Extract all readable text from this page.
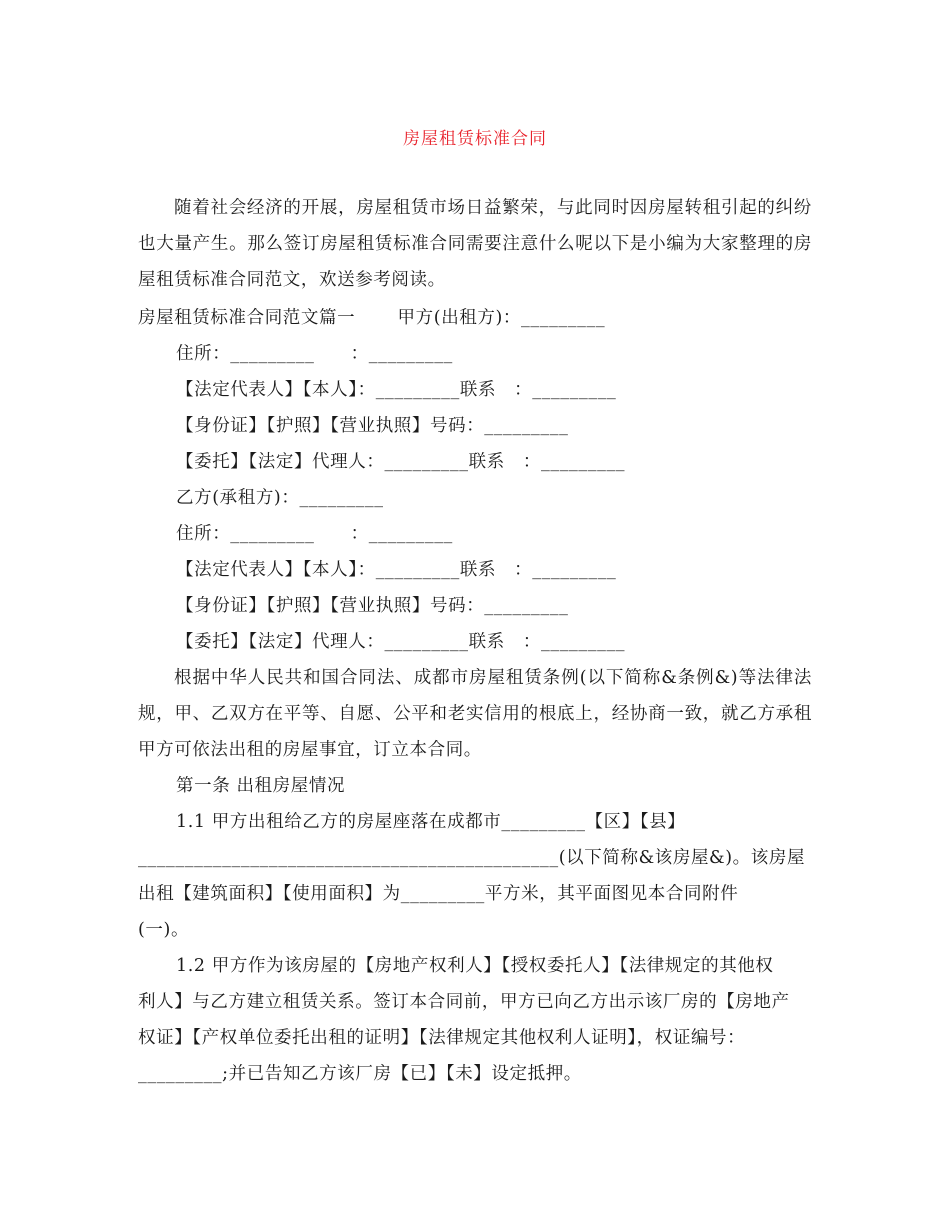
房屋租赁标准合同
随着社会经济的开展，房屋租赁市场日益繁荣，与此同时因房屋转租引起的纠纷也大量产生。那么签订房屋租赁标准合同需要注意什么呢以下是小编为大家整理的房屋租赁标准合同范文，欢送参考阅读。
房屋租赁标准合同范文篇一　　 甲方(出租方)：_________
住所：_________　　：_________
【法定代表人】【本人】：_________联系　：_________
【身份证】【护照】【营业执照】号码：_________
【委托】【法定】代理人：_________联系　：_________
乙方(承租方)：_________
住所：_________　　：_________
【法定代表人】【本人】：_________联系　：_________
【身份证】【护照】【营业执照】号码：_________
【委托】【法定】代理人：_________联系　：_________
根据中华人民共和国合同法、成都市房屋租赁条例(以下简称&条例&)等法律法规，甲、乙双方在平等、自愿、公平和老实信用的根底上，经协商一致，就乙方承租甲方可依法出租的房屋事宜，订立本合同。
第一条 出租房屋情况
1.1 甲方出租给乙方的房屋座落在成都市_________【区】【县】
_____________________________________________(以下简称&该房屋&)。该房屋
出租【建筑面积】【使用面积】为_________平方米，其平面图见本合同附件
(一)。
1.2 甲方作为该房屋的【房地产权利人】【授权委托人】【法律规定的其他权
利人】与乙方建立租赁关系。签订本合同前，甲方已向乙方出示该厂房的【房地产
权证】【产权单位委托出租的证明】【法律规定其他权利人证明】，权证编号：
_________;并已告知乙方该厂房【已】【未】设定抵押。
